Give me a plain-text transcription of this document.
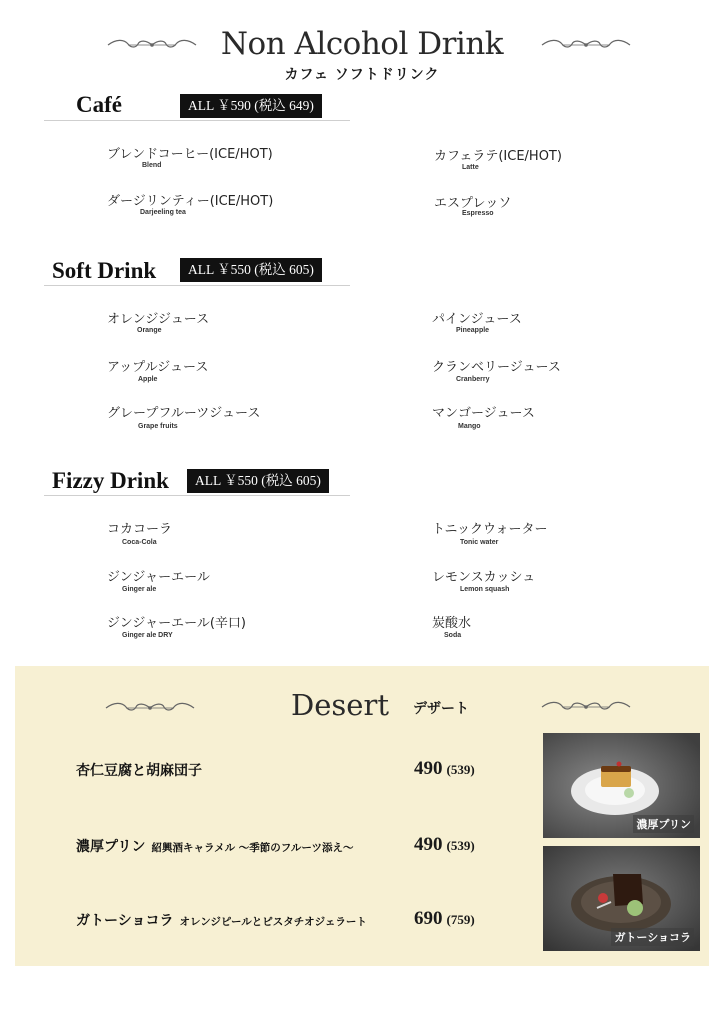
Non Alcohol Drink
カフェ ソフトドリンク
Café	ALL ￥590 (税込 649)
ブレンドコーヒー(ICE/HOT)
Blend
カフェラテ(ICE/HOT)
Latte
ダージリンティー(ICE/HOT)
Darjeeling tea
エスプレッソ
Espresso
Soft Drink	ALL ￥550 (税込 605)
オレンジジュース
Orange
パインジュース
Pineapple
アップルジュース
Apple
クランベリージュース
Cranberry
グレープフルーツジュース
Grape fruits
マンゴージュース
Mango
Fizzy Drink	ALL ￥550 (税込 605)
コカコーラ
Coca-Cola
トニックウォーター
Tonic water
ジンジャーエール
Ginger ale
レモンスカッシュ
Lemon squash
ジンジャーエール(辛口)
Ginger ale DRY
炭酸水
Soda
Desert デザート
杏仁豆腐と胡麻団子	490 (539)
濃厚プリン 紹興酒キャラメル 〜季節のフルーツ添え〜	490 (539)
ガトーショコラ オレンジピールとピスタチオジェラート 690 (759)
濃厚プリン
ガトーショコラ
